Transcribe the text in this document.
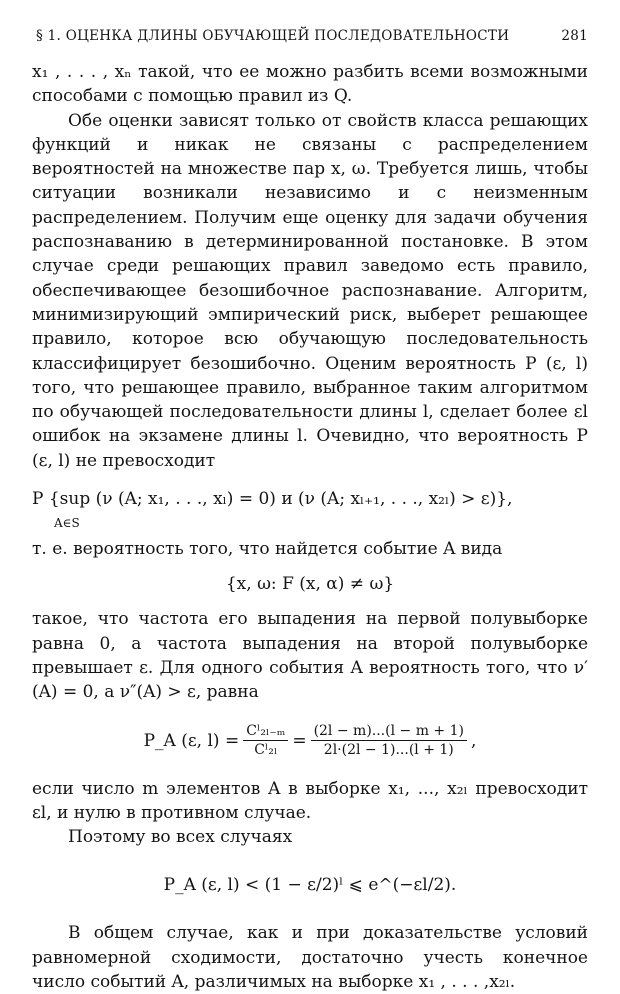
§ 1. ОЦЕНКА ДЛИНЫ ОБУЧАЮЩЕЙ ПОСЛЕДОВАТЕЛЬНОСТИ	281

x₁ , . . . , xₙ такой, что ее можно разбить всеми возможными способами с помощью правил из Q.

Обе оценки зависят только от свойств класса решающих функций и никак не связаны с распределением вероятностей на множестве пар x, ω. Требуется лишь, чтобы ситуации возникали независимо и с неизменным распределением. Получим еще оценку для задачи обучения распознаванию в детерминированной постановке. В этом случае среди решающих правил заведомо есть правило, обеспечивающее безошибочное распознавание. Алгоритм, минимизирующий эмпирический риск, выберет решающее правило, которое всю обучающую последовательность классифицирует безошибочно. Оценим вероятность P (ε, l) того, что решающее правило, выбранное таким алгоритмом по обучающей последовательности длины l, сделает более εl ошибок на экзамене длины l. Очевидно, что вероятность P (ε, l) не превосходит

P {sup (ν (A; x₁, . . ., xₗ) = 0) и (ν (A; xₗ₊₁, . . ., x₂ₗ) > ε)},
A∈S

т. е. вероятность того, что найдется событие A вида

{x, ω: F (x, α) ≠ ω}

такое, что частота его выпадения на первой полувыборке равна 0, а частота выпадения на второй полувыборке превышает ε. Для одного события A вероятность того, что ν′(A) = 0, а ν″(A) > ε, равна

P_A (ε, $l) = \frac{\text{Cˡ₂ₗ₋ₘ}}{\text{Cˡ₂ₗ}} = \frac{(2l - m)...(l - m + 1)}{2l\cdot(2l - 1)...(l + 1)}$ ,

если число m элементов A в выборке x₁, ..., x₂ₗ превосходит εl, и нулю в противном случае.

Поэтому во всех случаях

P_A (ε, l) < (1 − ε/2)ˡ ⩽ e^(−εl/2).

В общем случае, как и при доказательстве условий равномерной сходимости, достаточно учесть конечное число событий A, различимых на выборке x₁ , . . . ,x₂ₗ.
